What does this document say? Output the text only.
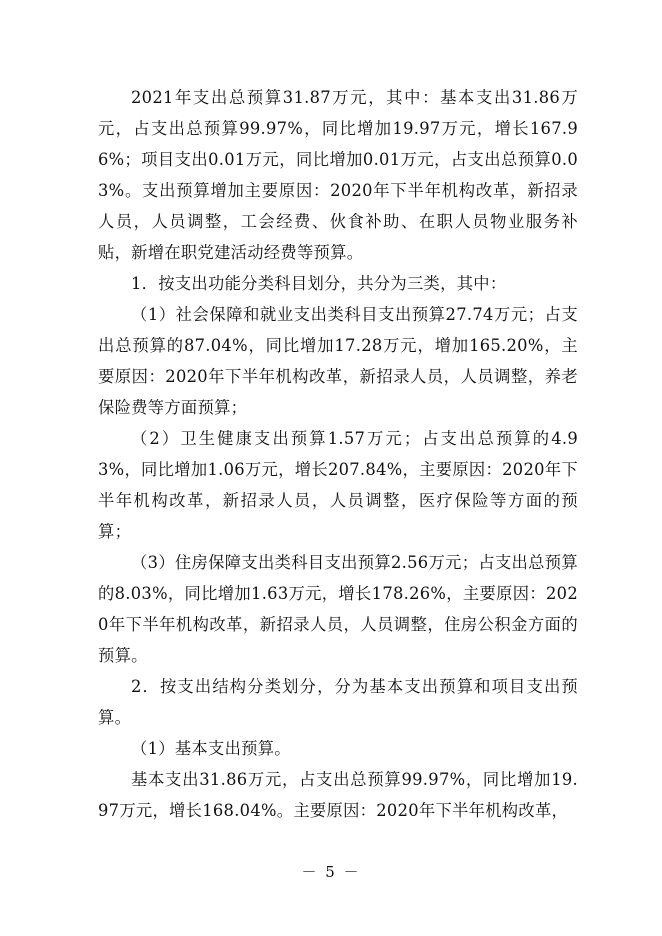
2021年支出总预算31.87万元，其中：基本支出31.86万元，占支出总预算99.97%，同比增加19.97万元，增长167.96%；项目支出0.01万元，同比增加0.01万元，占支出总预算0.03%。支出预算增加主要原因：2020年下半年机构改革，新招录人员，人员调整，工会经费、伙食补助、在职人员物业服务补贴，新增在职党建活动经费等预算。

1．按支出功能分类科目划分，共分为三类，其中：

（1）社会保障和就业支出类科目支出预算27.74万元；占支出总预算的87.04%，同比增加17.28万元，增加165.20%，主要原因：2020年下半年机构改革，新招录人员，人员调整，养老保险费等方面预算；

（2）卫生健康支出预算1.57万元；占支出总预算的4.93%，同比增加1.06万元，增长207.84%，主要原因：2020年下半年机构改革，新招录人员，人员调整，医疗保险等方面的预算；

（3）住房保障支出类科目支出预算2.56万元；占支出总预算的8.03%，同比增加1.63万元，增长178.26%，主要原因：2020年下半年机构改革，新招录人员，人员调整，住房公积金方面的预算。

2．按支出结构分类划分，分为基本支出预算和项目支出预算。

（1）基本支出预算。

基本支出31.86万元，占支出总预算99.97%，同比增加19.97万元，增长168.04%。主要原因：2020年下半年机构改革，

－ 5 －
